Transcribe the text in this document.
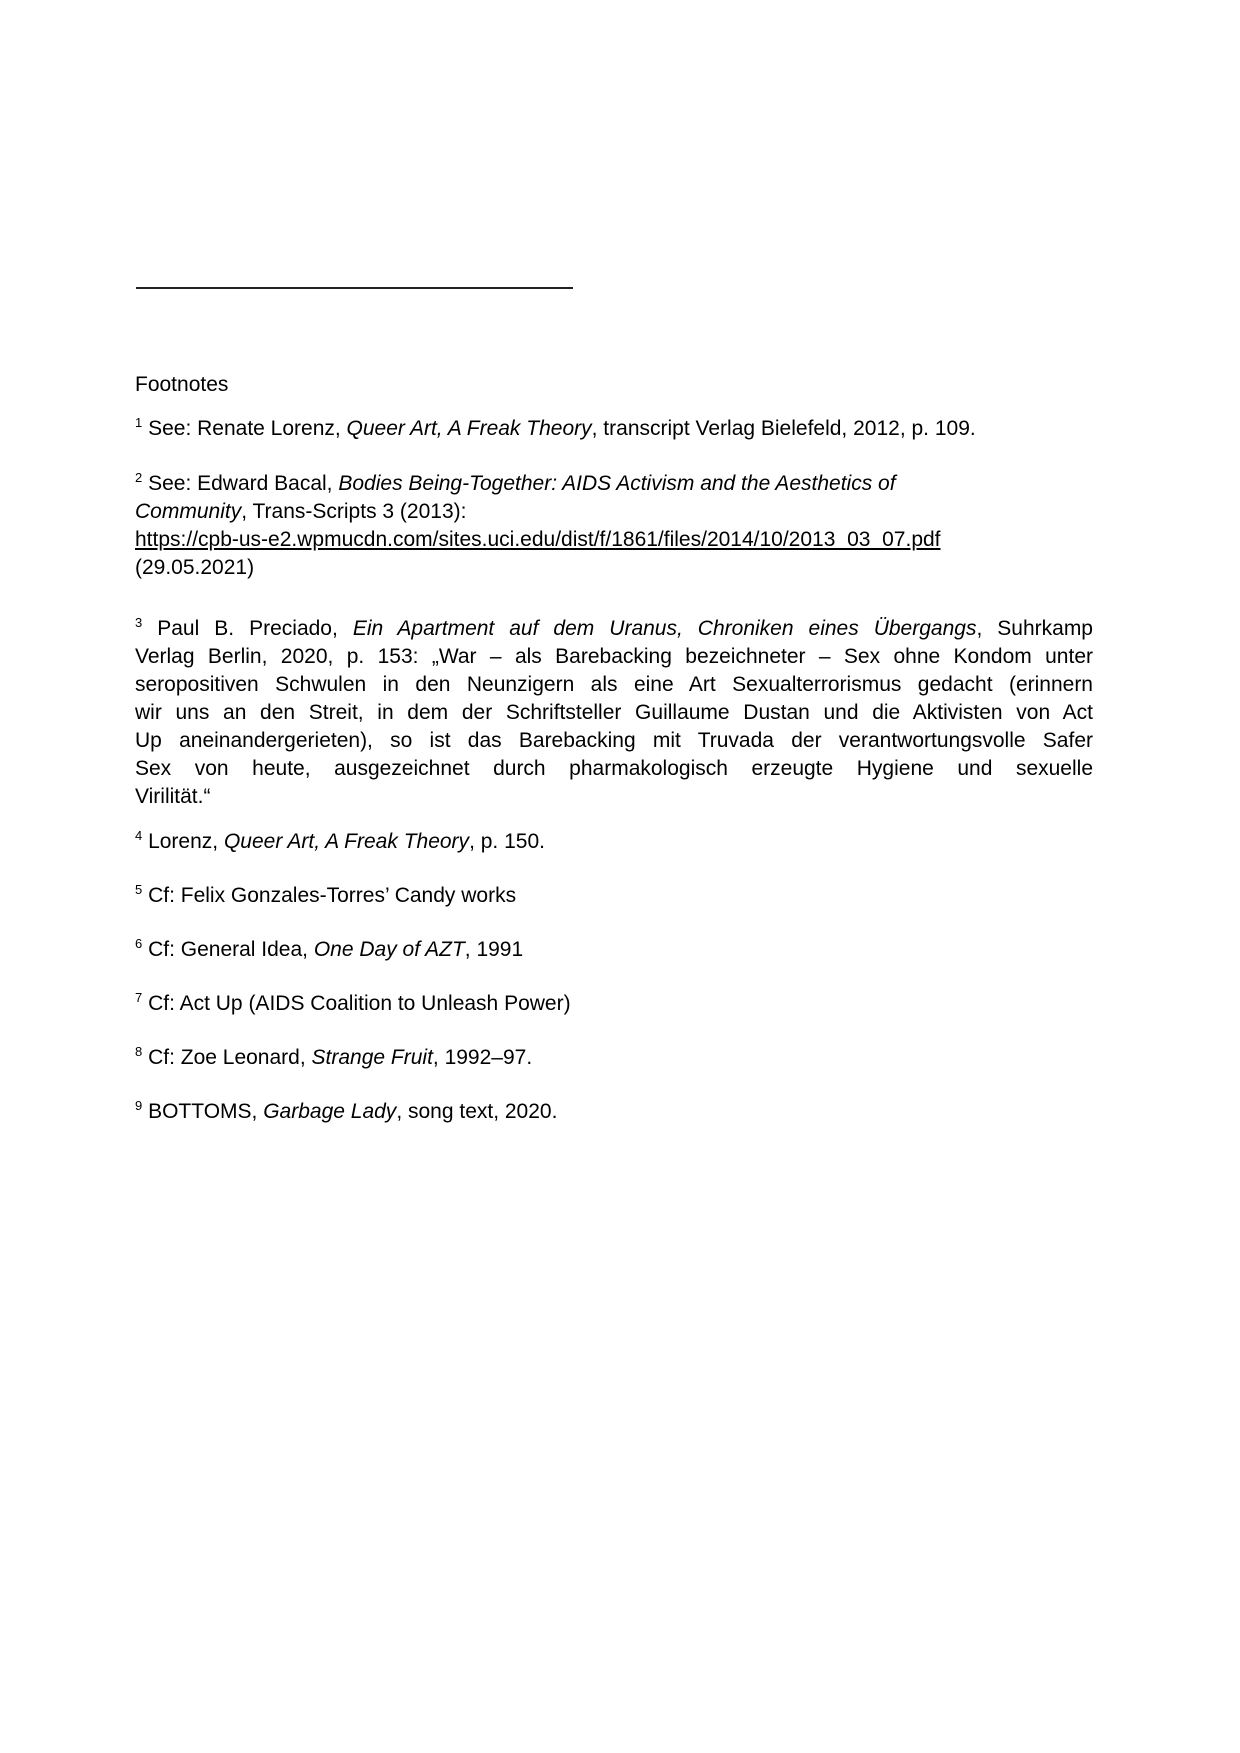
Footnotes
$^1$ See: Renate Lorenz, Queer Art, A Freak Theory, transcript Verlag Bielefeld, 2012, p. 109.
$^2$ See: Edward Bacal, Bodies Being-Together: AIDS Activism and the Aesthetics of
Community, Trans-Scripts 3 (2013):
https://cpb-us-e2.wpmucdn.com/sites.uci.edu/dist/f/1861/files/2014/10/2013_03_07.pdf
(29.05.2021)
$^3$ Paul B. Preciado, Ein Apartment auf dem Uranus, Chroniken eines Übergangs, Suhrkamp
Verlag Berlin, 2020, p. 153: „War – als Barebacking bezeichneter – Sex ohne Kondom unter
seropositiven Schwulen in den Neunzigern als eine Art Sexualterrorismus gedacht (erinnern
wir uns an den Streit, in dem der Schriftsteller Guillaume Dustan und die Aktivisten von Act
Up aneinandergerieten), so ist das Barebacking mit Truvada der verantwortungsvolle Safer
Sex von heute, ausgezeichnet durch pharmakologisch erzeugte Hygiene und sexuelle
Virilität.“
$^4$ Lorenz, Queer Art, A Freak Theory, p. 150.
$^5$ Cf: Felix Gonzales-Torres’ Candy works
$^6$ Cf: General Idea, One Day of AZT, 1991
$^7$ Cf: Act Up (AIDS Coalition to Unleash Power)
$^8$ Cf: Zoe Leonard, Strange Fruit, 1992–97.
$^9$ BOTTOMS, Garbage Lady, song text, 2020.
